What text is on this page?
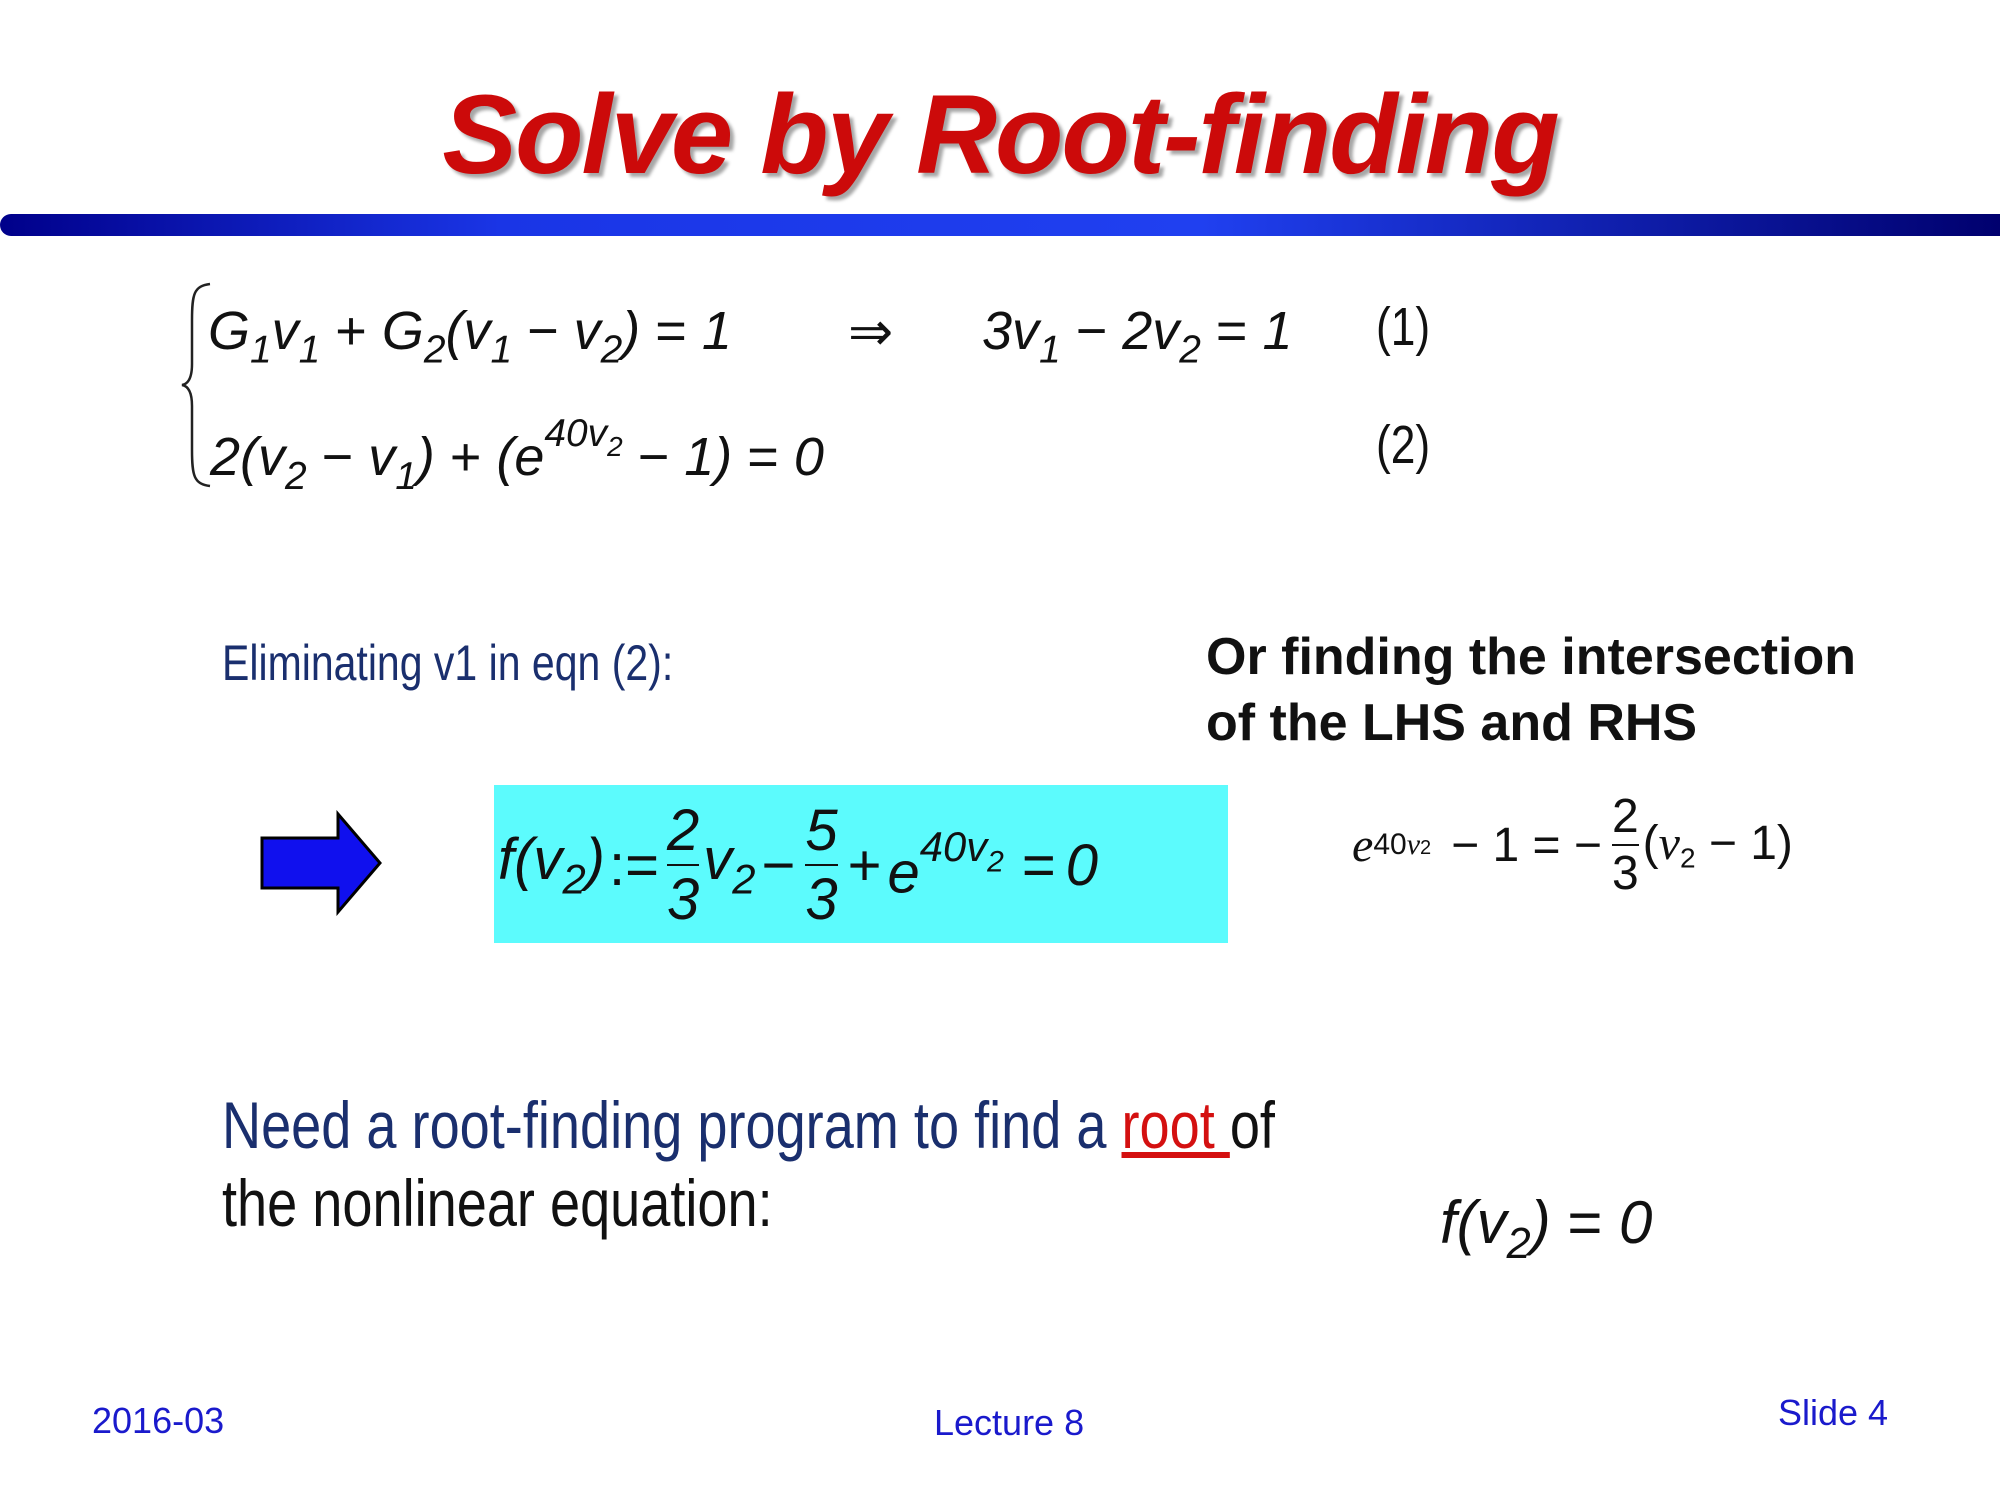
Solve by Root-finding
$G_1v_1 + G_2(v_1 - v_2) = 1$ ⇒ $3v_1 - 2v_2 = 1$ (1)
$2(v_2 - v_1) + (e^{40v_2} - 1) = 0$	(2)
Eliminating v1 in eqn (2):	Or finding the intersection
of the LHS and RHS
$f(v_2)$ := $\frac{2}{3} v_2 - \frac{5}{3} + e^{40v_2} = 0$	e 40v2 − 1 = − $\frac{2}{3} (v2 - 1)$
Need a root-finding program to find a root of
the nonlinear equation:	$f(v_2) = 0$
2016-03	Lecture 8	Slide 4
